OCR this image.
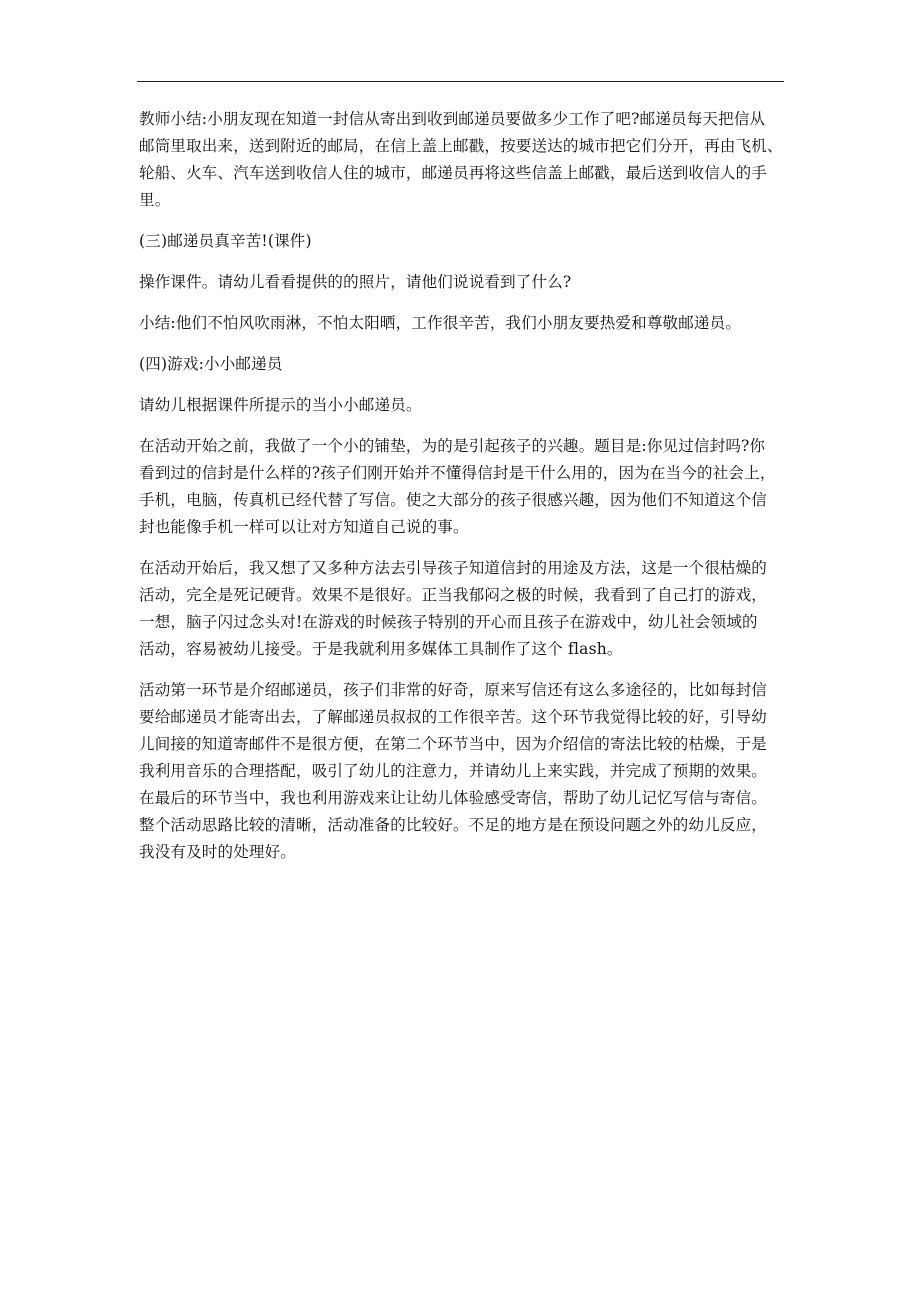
教师小结:小朋友现在知道一封信从寄出到收到邮递员要做多少工作了吧?邮递员每天把信从
邮筒里取出来，送到附近的邮局，在信上盖上邮戳，按要送达的城市把它们分开，再由飞机、
轮船、火车、汽车送到收信人住的城市，邮递员再将这些信盖上邮戳，最后送到收信人的手
里。

(三)邮递员真辛苦!(课件)

操作课件。请幼儿看看提供的的照片，请他们说说看到了什么?

小结:他们不怕风吹雨淋，不怕太阳晒，工作很辛苦，我们小朋友要热爱和尊敬邮递员。

(四)游戏:小小邮递员

请幼儿根据课件所提示的当小小邮递员。

在活动开始之前，我做了一个小的铺垫，为的是引起孩子的兴趣。题目是:你见过信封吗?你
看到过的信封是什么样的?孩子们刚开始并不懂得信封是干什么用的，因为在当今的社会上，
手机，电脑，传真机已经代替了写信。使之大部分的孩子很感兴趣，因为他们不知道这个信
封也能像手机一样可以让对方知道自己说的事。

在活动开始后，我又想了又多种方法去引导孩子知道信封的用途及方法，这是一个很枯燥的
活动，完全是死记硬背。效果不是很好。正当我郁闷之极的时候，我看到了自己打的游戏，
一想，脑子闪过念头对!在游戏的时候孩子特别的开心而且孩子在游戏中，幼儿社会领域的
活动，容易被幼儿接受。于是我就利用多媒体工具制作了这个 flash。

活动第一环节是介绍邮递员，孩子们非常的好奇，原来写信还有这么多途径的，比如每封信
要给邮递员才能寄出去，了解邮递员叔叔的工作很辛苦。这个环节我觉得比较的好，引导幼
儿间接的知道寄邮件不是很方便，在第二个环节当中，因为介绍信的寄法比较的枯燥，于是
我利用音乐的合理搭配，吸引了幼儿的注意力，并请幼儿上来实践，并完成了预期的效果。
在最后的环节当中，我也利用游戏来让让幼儿体验感受寄信，帮助了幼儿记忆写信与寄信。
整个活动思路比较的清晰，活动准备的比较好。不足的地方是在预设问题之外的幼儿反应，
我没有及时的处理好。
